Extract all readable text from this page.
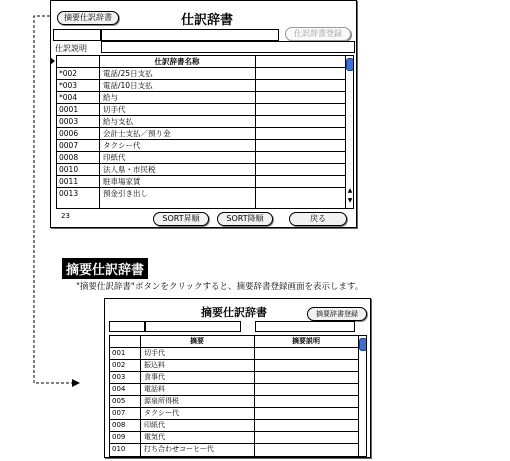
摘要仕訳辞書	仕訳辞書
仕訳辞書登録
仕訳説明
仕訳辞書名称
*002	電話/25日支払
*003	電話/10日支払
*004	給与
0001	切手代
0003	給与支払
0006	会計士支払／預り金
0007	タクシー代
0008	印紙代
0010	法人県・市民税
0011	駐車場家賃
0013	預金引き出し	▲
▼
23	SORT昇順	SORT降順	戻る
摘要仕訳辞書
"摘要仕訳辞書"ボタンをクリックすると、摘要辞書登録画面を表示します。
摘要仕訳辞書	摘要辞書登録
摘要	摘要説明
001	切手代
002	振込料
003	食事代
004	電話料
005	源泉所得税
007	タクシー代
008	印紙代
009	電気代
010	打ち合わせコーヒー代
